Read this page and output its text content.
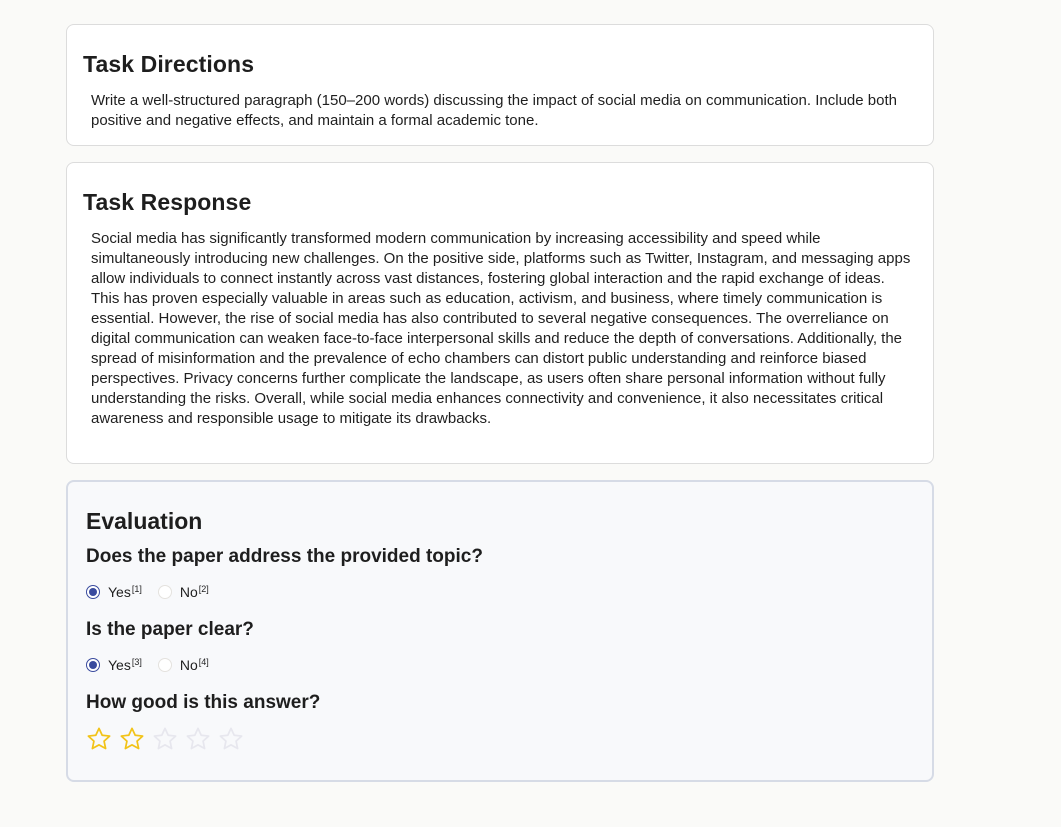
Task Directions

Write a well-structured paragraph (150–200 words) discussing the impact of social media on communication. Include both positive and negative effects, and maintain a formal academic tone.

Task Response

Social media has significantly transformed modern communication by increasing accessibility and speed while simultaneously introducing new challenges. On the positive side, platforms such as Twitter, Instagram, and messaging apps allow individuals to connect instantly across vast distances, fostering global interaction and the rapid exchange of ideas. This has proven especially valuable in areas such as education, activism, and business, where timely communication is essential. However, the rise of social media has also contributed to several negative consequences. The overreliance on digital communication can weaken face-to-face interpersonal skills and reduce the depth of conversations. Additionally, the spread of misinformation and the prevalence of echo chambers can distort public understanding and reinforce biased perspectives. Privacy concerns further complicate the landscape, as users often share personal information without fully understanding the risks. Overall, while social media enhances connectivity and convenience, it also necessitates critical awareness and responsible usage to mitigate its drawbacks.

Evaluation
Does the paper address the provided topic?
Yes[1]	No[2]
Is the paper clear?
Yes[3]	No[4]
How good is this answer?
